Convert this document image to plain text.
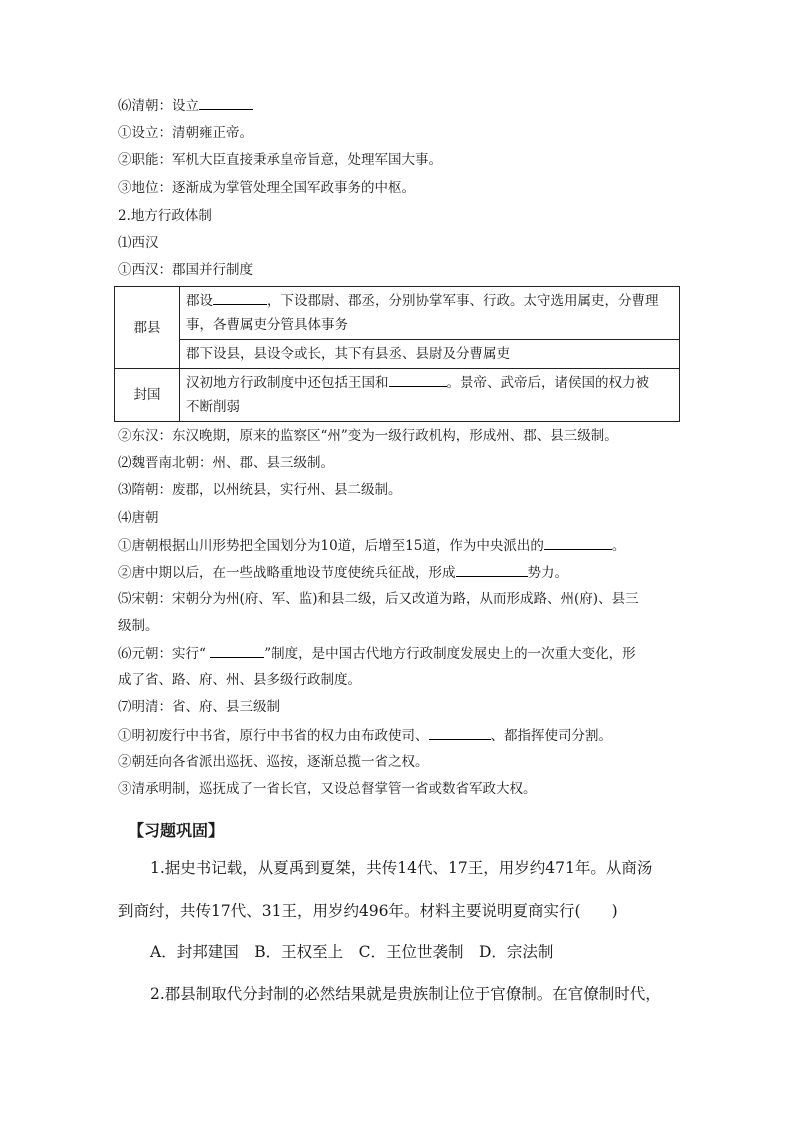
⑹清朝：设立
①设立：清朝雍正帝。
②职能：军机大臣直接秉承皇帝旨意，处理军国大事。
③地位：逐渐成为掌管处理全国军政事务的中枢。
2.地方行政体制
⑴西汉
①西汉：郡国并行制度
郡县	郡设 ，下设郡尉、郡丞，分别协掌军事、行政。太守选用属吏，分曹理
事，各曹属吏分管具体事务
	郡下设县，县设令或长，其下有县丞、县尉及分曹属吏
封国	汉初地方行政制度中还包括王国和 。景帝、武帝后，诸侯国的权力被
不断削弱
②东汉：东汉晚期，原来的监察区“州”变为一级行政机构，形成州、郡、县三级制。
⑵魏晋南北朝：州、郡、县三级制。
⑶隋朝：废郡，以州统县，实行州、县二级制。
⑷唐朝
①唐朝根据山川形势把全国划分为10道，后增至15道，作为中央派出的	。
②唐中期以后，在一些战略重地设节度使统兵征战，形成	势力。
⑸宋朝：宋朝分为州(府、军、监)和县二级，后又改道为路，从而形成路、州(府)、县三
级制。
⑹元朝：实行“	”制度，是中国古代地方行政制度发展史上的一次重大变化，形
成了省、路、府、州、县多级行政制度。
⑺明清：省、府、县三级制
①明初废行中书省，原行中书省的权力由布政使司、	、都指挥使司分割。
②朝廷向各省派出巡抚、巡按，逐渐总揽一省之权。
③清承明制，巡抚成了一省长官，又设总督掌管一省或数省军政大权。
【习题巩固】
1.据史书记载，从夏禹到夏桀，共传14代、17王，用岁约471年。从商汤
到商纣，共传17代、31王，用岁约496年。材料主要说明夏商实行(　　)
A．封邦建国　B．王权至上　C．王位世袭制　D．宗法制
2.郡县制取代分封制的必然结果就是贵族制让位于官僚制。在官僚制时代，
